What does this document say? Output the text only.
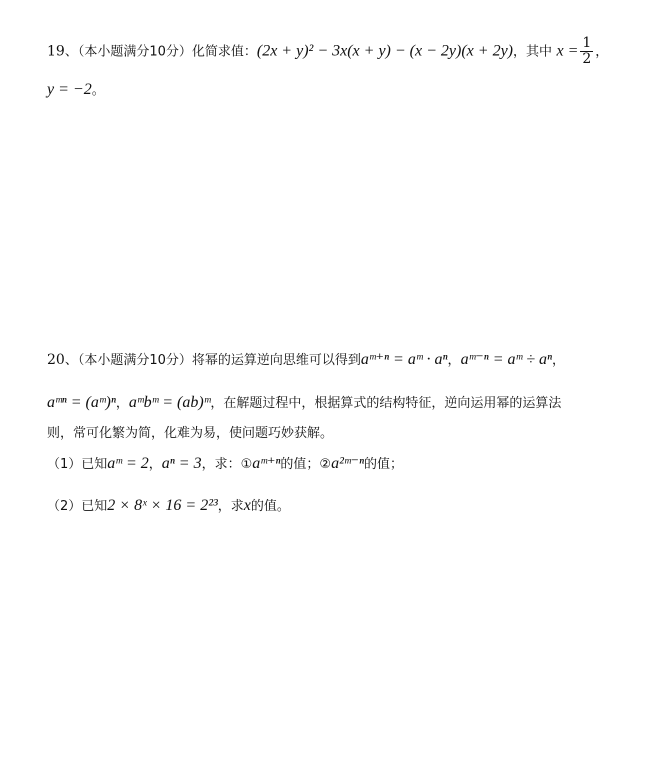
19、（本小题满分10分）化简求值：(2x + y)² − 3x(x + y) − (x − 2y)(x + 2y)，其中 $x = \frac{1}{2}$ ，
y = −2。
20、（本小题满分10分）将幂的运算逆向思维可以得到aᵐ⁺ⁿ = aᵐ · aⁿ，aᵐ⁻ⁿ = aᵐ ÷ aⁿ，
aᵐⁿ = (aᵐ)ⁿ，aᵐbᵐ = (ab)ᵐ，在解题过程中，根据算式的结构特征，逆向运用幂的运算法
则，常可化繁为简，化难为易，使问题巧妙获解。
（1）已知aᵐ = 2，aⁿ = 3，求：①aᵐ⁺ⁿ的值；②a²ᵐ⁻ⁿ的值；
（2）已知2 × 8ˣ × 16 = 2²³，求x的值。
